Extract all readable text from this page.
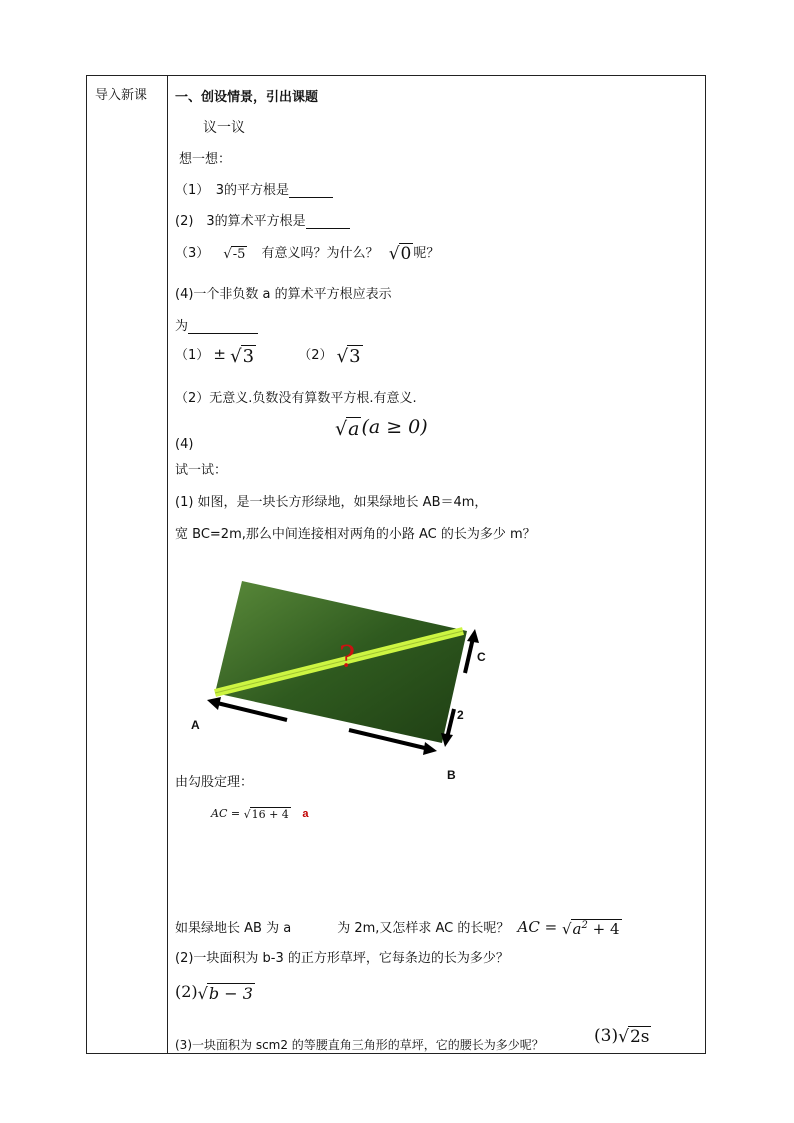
导入新课 一、创设情景，引出课题
议一议
想一想：
（1）　3的平方根是
(2)　3的算术平方根是
（3） √-5 有意义吗？为什么？ √0 呢？
(4)一个非负数 a 的算术平方根应表示
为
（1） ± √3	（2） √3
（2）无意义.负数没有算数平方根.有意义.
(4)
√a (a ≥ 0)
试一试：
(1) 如图，是一块长方形绿地，如果绿地长 AB＝4m，
宽 BC=2m,那么中间连接相对两角的小路 AC 的长为多少 m？
?
A
B
C
2
由勾股定理：
AC = √16 + 4 a
如果绿地长 AB 为 a	为 2m,又怎样求 AC 的长呢？ AC = $√a^2 + 4$
(2)一块面积为 b-3 的正方形草坪，它每条边的长为多少？
(2)√b − 3
(3)一块面积为 scm2 的等腰直角三角形的草坪，它的腰长为多少呢？	(3)√2s
